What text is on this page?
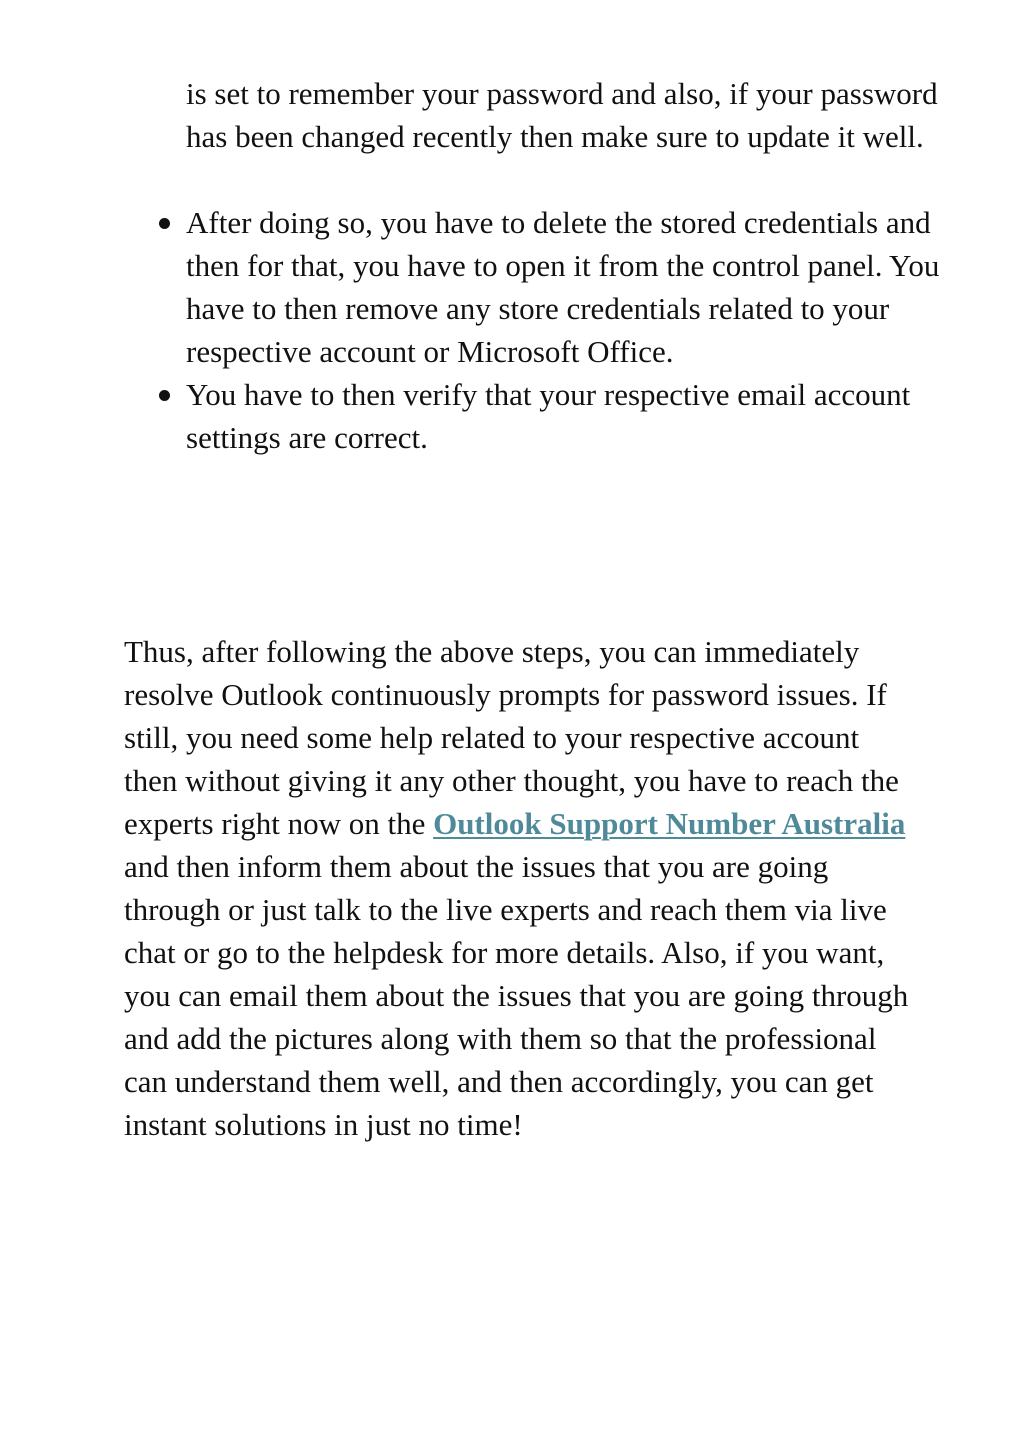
is set to remember your password and also, if your password has been changed recently then make sure to update it well.

After doing so, you have to delete the stored credentials and then for that, you have to open it from the control panel. You have to then remove any store credentials related to your respective account or Microsoft Office.
You have to then verify that your respective email account settings are correct.

Thus, after following the above steps, you can immediately resolve Outlook continuously prompts for password issues. If still, you need some help related to your respective account then without giving it any other thought, you have to reach the experts right now on the Outlook Support Number Australia and then inform them about the issues that you are going through or just talk to the live experts and reach them via live chat or go to the helpdesk for more details. Also, if you want, you can email them about the issues that you are going through and add the pictures along with them so that the professional can understand them well, and then accordingly, you can get instant solutions in just no time!
